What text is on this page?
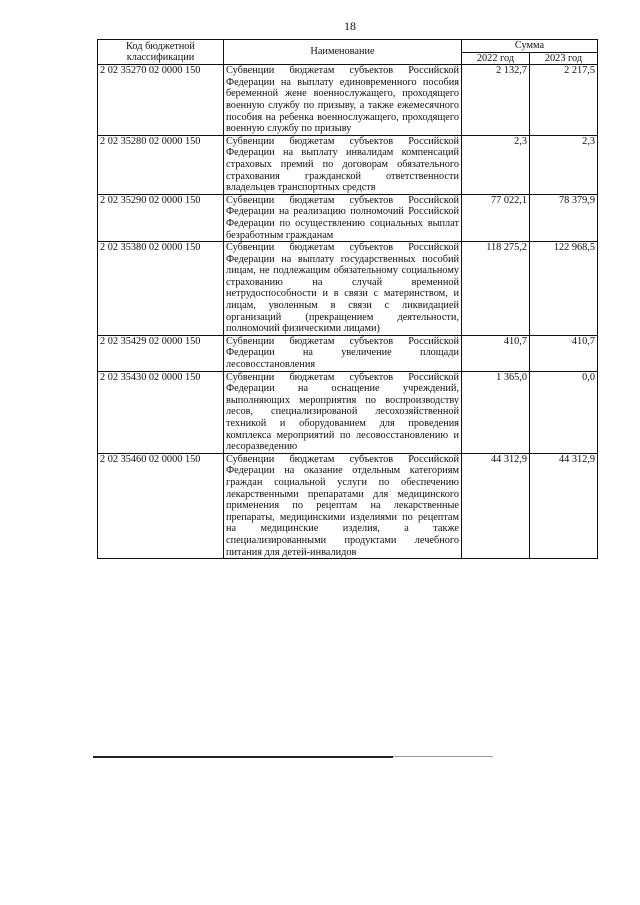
18
Код бюджетной классификации	Наименование	Сумма	
		2022 год	2023 год
2 02 35270 02 0000 150	Субвенции бюджетам субъектов Российской Федерации на выплату единовременного пособия беременной жене военнослужащего, проходящего военную службу по призыву, а также ежемесячного пособия на ребенка военнослужащего, проходящего военную службу по призыву	2 132,7	2 217,5
2 02 35280 02 0000 150	Субвенции бюджетам субъектов Российской Федерации на выплату инвалидам компенсаций страховых премий по договорам обязательного страхования гражданской ответственности владельцев транспортных средств	2,3	2,3
2 02 35290 02 0000 150	Субвенции бюджетам субъектов Российской Федерации на реализацию полномочий Российской Федерации по осуществлению социальных выплат безработным гражданам	77 022,1	78 379,9
2 02 35380 02 0000 150	Субвенции бюджетам субъектов Российской Федерации на выплату государственных пособий лицам, не подлежащим обязательному социальному страхованию на случай временной нетрудоспособности и в связи с материнством, и лицам, уволенным в связи с ликвидацией организаций (прекращением деятельности, полномочий физическими лицами)	118 275,2	122 968,5
2 02 35429 02 0000 150	Субвенции бюджетам субъектов Российской Федерации на увеличение площади лесовосстановления	410,7	410,7
2 02 35430 02 0000 150	Субвенции бюджетам субъектов Российской Федерации на оснащение учреждений, выполняющих мероприятия по воспроизводству лесов, специализированой лесохозяйственной техникой и оборудованием для проведения комплекса мероприятий по лесовосстановлению и лесоразведению	1 365,0	0,0
2 02 35460 02 0000 150	Субвенции бюджетам субъектов Российской Федерации на оказание отдельным категориям граждан социальной услуги по обеспечению лекарственными препаратами для медицинского применения по рецептам на лекарственные препараты, медицинскими изделиями по рецептам на медицинские изделия, а также специализированными продуктами лечебного питания для детей-инвалидов	44 312,9	44 312,9
